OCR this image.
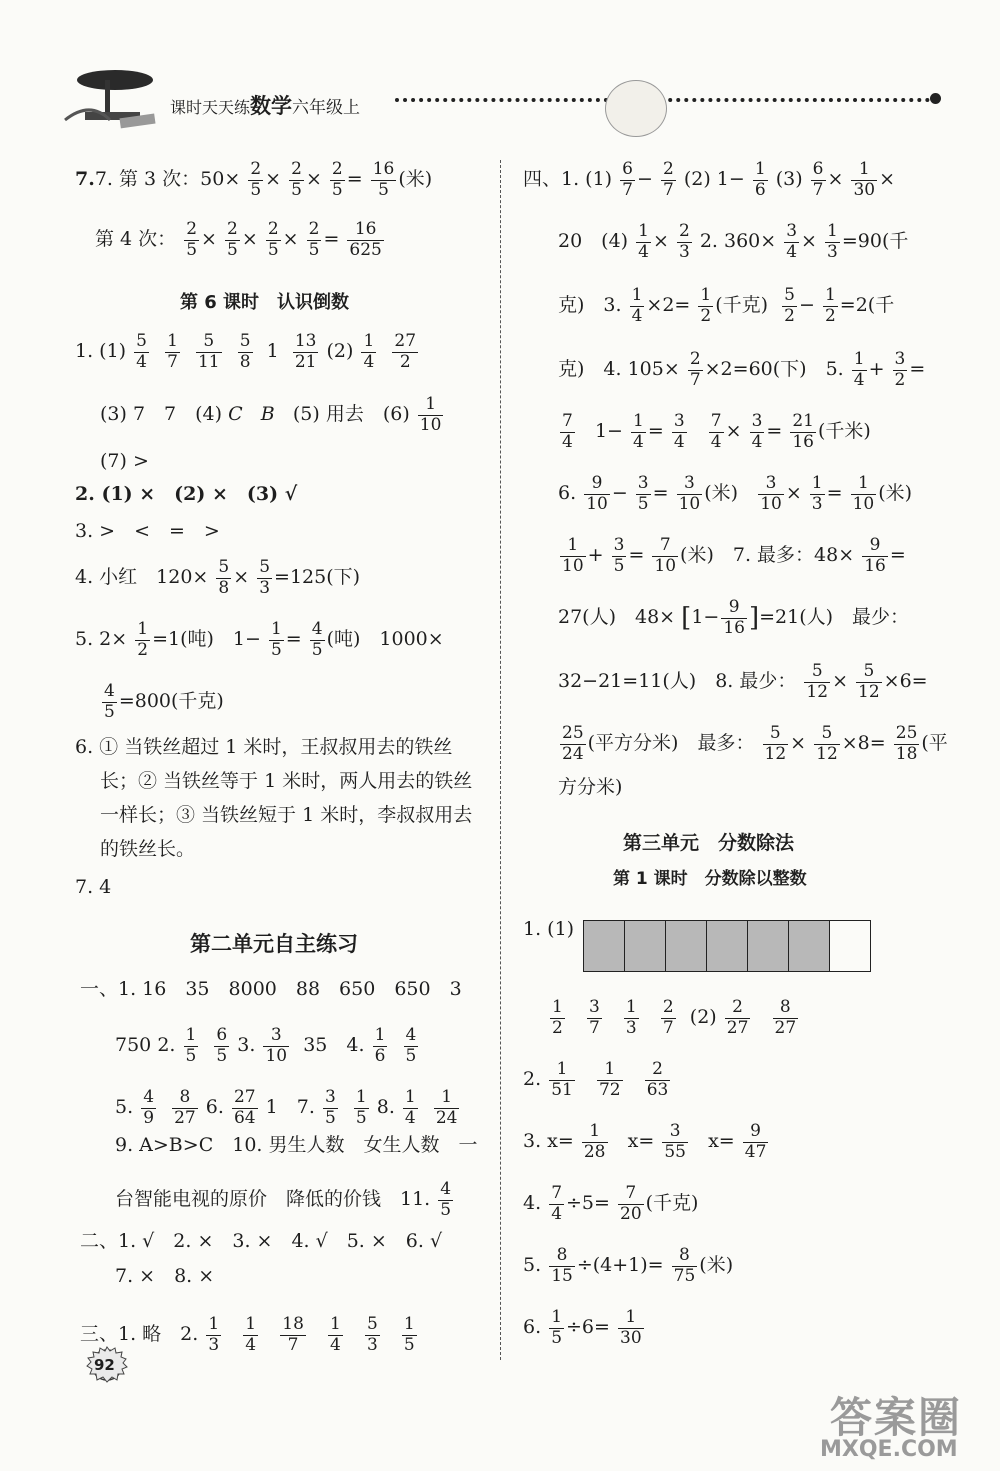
课时天天练数学六年级上
7.7. 第 3 次：$50\times \frac{2}{5} \times \frac{2}{5} \times \frac{2}{5} = \frac{16}{5}$ (米)
第 4 次： $\frac{2}{5} \times \frac{2}{5} \times \frac{2}{5} \times \frac{2}{5} = \frac{16}{625}$
第 6 课时　认识倒数
1. $(1) \frac{5}{4}$
$\frac{1}{7}$
$\frac{5}{11}$
$\frac{5}{8} 1 \frac{13}{21} (2) \frac{1}{4}$
$\frac{27}{2}$
(3) 7　7　(4) C B (5) 用去　$(6) \frac{1}{10}$
(7) >
2. (1) ×　(2) ×　(3) √
3. >　<　=　>
4. 小红　$120\times \frac{5}{8} \times \frac{5}{3} =125$(下)
5. $2\times \frac{1}{2} =1$(吨)　$1- \frac{1}{5} = \frac{4}{5}$ (吨)　1000×
$\frac{4}{5} =800$(千克)
6. ① 当铁丝超过 1 米时，王叔叔用去的铁丝
长；② 当铁丝等于 1 米时，两人用去的铁丝
一样长；③ 当铁丝短于 1 米时，李叔叔用去
的铁丝长。
7. 4
第二单元自主练习
一、1. 16　35　8000　88　650　650　3
750 2. $\frac{1}{5}$
$\frac{6}{5} 3$. $\frac{3}{10} 35$　4. $\frac{1}{6}$
$\frac{4}{5}$
5. $\frac{4}{9}$
$\frac{8}{27} 6$. $\frac{27}{64} 1$　7. $\frac{3}{5}$
$\frac{1}{5} 8$. $\frac{1}{4}$
$\frac{1}{24}$
9. A>B>C　10. 男生人数　女生人数　一
台智能电视的原价　降低的价钱　11. $\frac{4}{5}$
二、1. √　2. ×　3. ×　4. √　5. ×　6. √
7. ×　8. ×
三、1. 略　2. $\frac{1}{3}$
$\frac{1}{4}$
$\frac{18}{7}$
$\frac{1}{4}$
$\frac{5}{3}$
$\frac{1}{5}$
四、1. $(1) \frac{6}{7} - \frac{2}{7} (2)$ $1- \frac{1}{6} (3) \frac{6}{7} \times \frac{1}{30}$ ×
20　$(4) \frac{1}{4} \times \frac{2}{3} 2$. $360\times \frac{3}{4} \times \frac{1}{3} =90$(千
克)　3. $\frac{1}{4} \times 2= \frac{1}{2}$ (千克) $\frac{5}{2} - \frac{1}{2} =2$(千
克)　4. $105\times \frac{2}{7} \times 2=60$(下)　5. $\frac{1}{4} + \frac{3}{2}$ =
$\frac{7}{4} 1- \frac{1}{4} = \frac{3}{4}$
$\frac{7}{4} \times \frac{3}{4} = \frac{21}{16}$ (千米)
6. $\frac{9}{10} - \frac{3}{5} = \frac{3}{10}$ (米) $\frac{3}{10} \times \frac{1}{3} = \frac{1}{10}$ (米)
$\frac{1}{10} + \frac{3}{5} = \frac{7}{10}$ (米)　7. 最多：$48\times \frac{9}{16}$ =
27(人)　$48\times [1- \frac{9}{16} ]=21$(人)　最少：
32−21=11(人)　8. 最少： $\frac{5}{12} \times \frac{5}{12} \times 6=$
$\frac{25}{24}$ (平方分米)　最多： $\frac{5}{12} \times \frac{5}{12} \times 8= \frac{25}{18}$ (平
方分米)
第三单元　分数除法
第 1 课时　分数除以整数
1. (1)
$\frac{1}{2}$
$\frac{3}{7}$
$\frac{1}{3}$
$\frac{2}{7} (2) \frac{2}{27}$
$\frac{8}{27}$
2. $\frac{1}{51}$
$\frac{1}{72}$
$\frac{2}{63}$
3. $x= \frac{1}{28} x= \frac{3}{55} x= \frac{9}{47}$
4. $\frac{7}{4} \div 5= \frac{7}{20}$ (千克)
5. $\frac{8}{15} \div(4+1)= \frac{8}{75}$ (米)
6. $\frac{1}{5} \div 6= \frac{1}{30}$
92
答案圈
MXQE.COM
